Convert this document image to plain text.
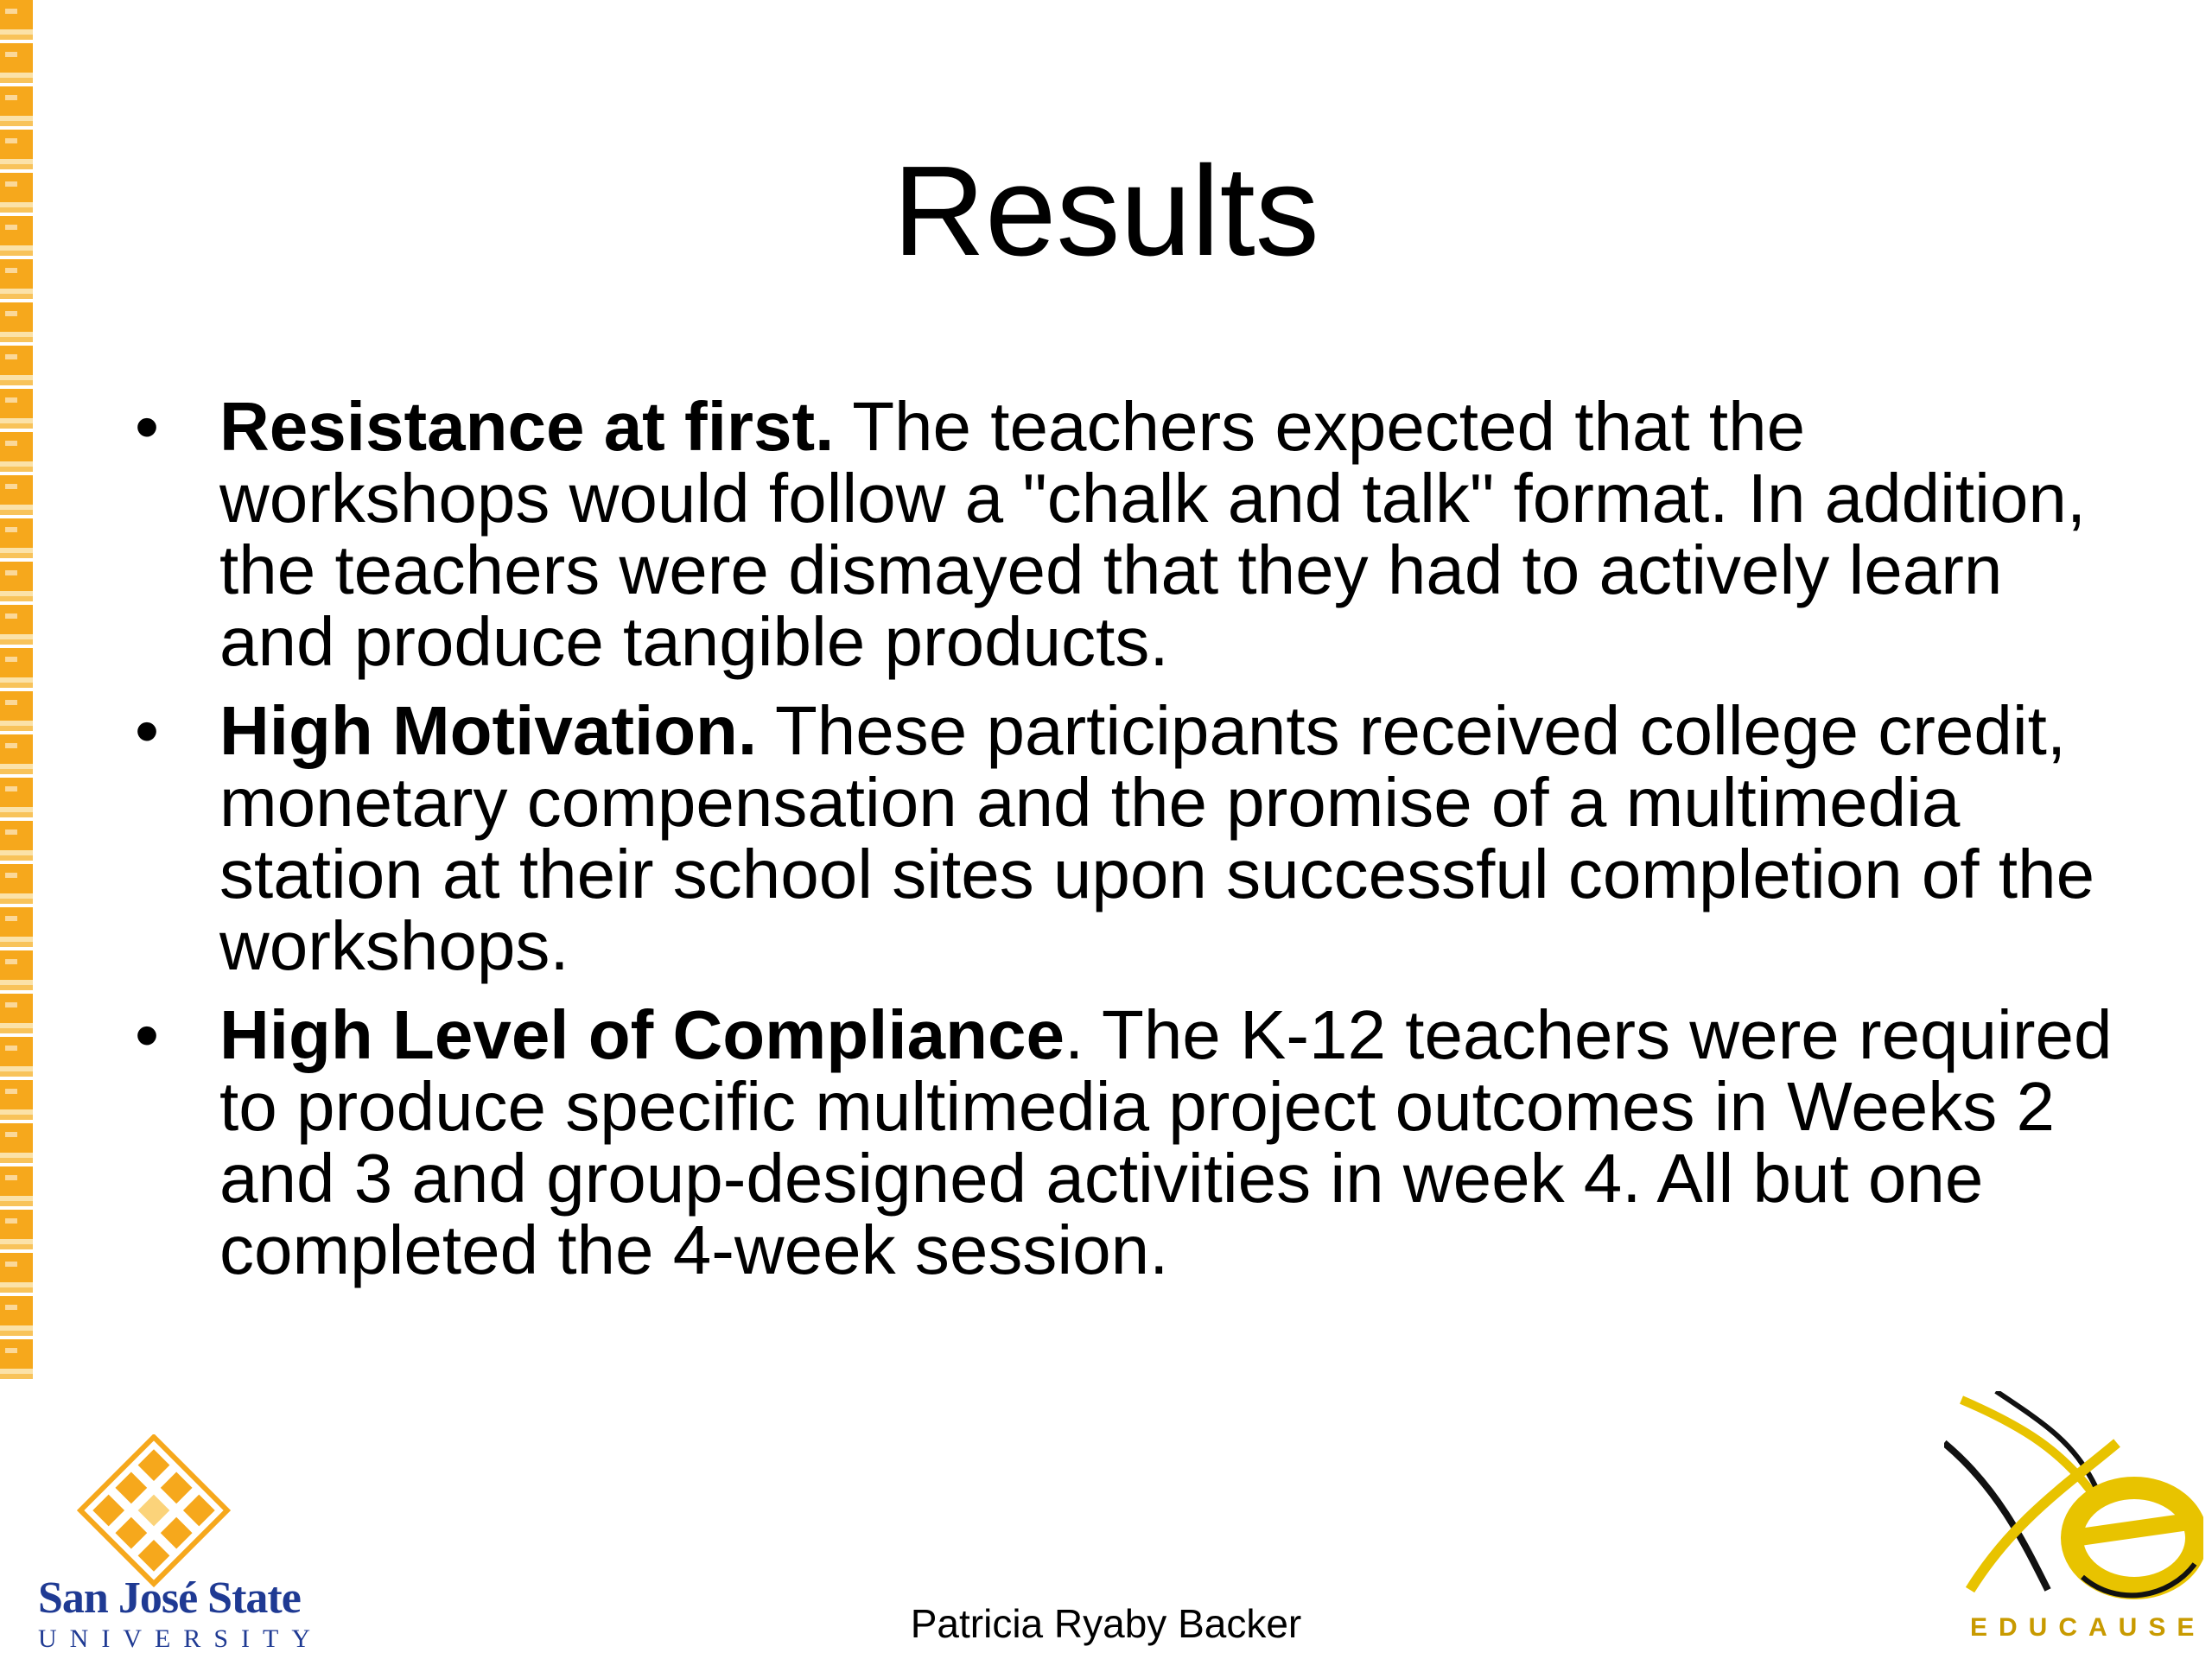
Results
• Resistance at first. The teachers expected that the workshops would follow a "chalk and talk" format. In addition, the teachers were dismayed that they had to actively learn and produce tangible products.
• High Motivation. These participants received college credit, monetary compensation and the promise of a multimedia station at their school sites upon successful completion of the workshops.
• High Level of Compliance. The K-12 teachers were required to produce specific multimedia project outcomes in Weeks 2 and 3 and group-designed activities in week 4. All but one completed the 4-week session.
San José State
UNIVERSITY	EDUCAUSE
Patricia Ryaby Backer
